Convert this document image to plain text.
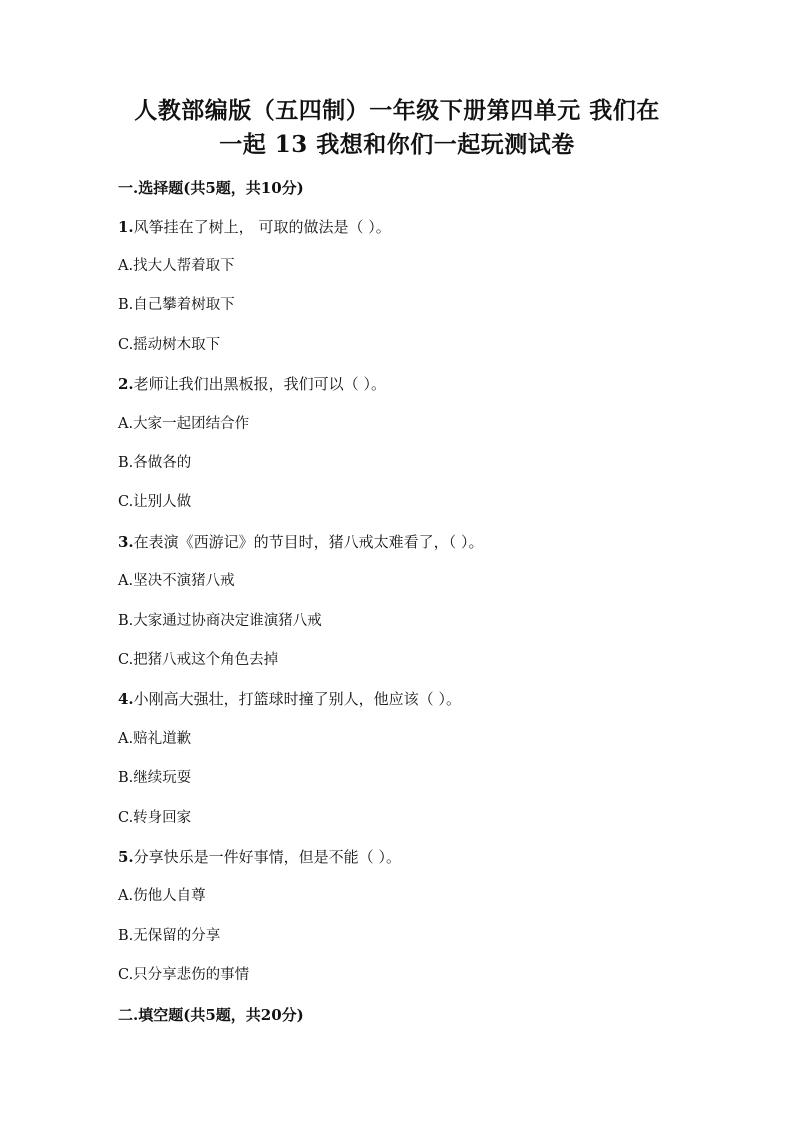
人教部编版（五四制）一年级下册第四单元 我们在
一起 13 我想和你们一起玩测试卷
一.选择题(共5题，共10分)
1.风筝挂在了树上， 可取的做法是（ ）。
A.找大人帮着取下
B.自己攀着树取下
C.摇动树木取下
2.老师让我们出黑板报，我们可以（ ）。
A.大家一起团结合作
B.各做各的
C.让别人做
3.在表演《西游记》的节目时，猪八戒太难看了，（ ）。
A.坚决不演猪八戒
B.大家通过协商决定谁演猪八戒
C.把猪八戒这个角色去掉
4.小刚高大强壮，打篮球时撞了别人，他应该（ ）。
A.赔礼道歉
B.继续玩耍
C.转身回家
5.分享快乐是一件好事情，但是不能（ ）。
A.伤他人自尊
B.无保留的分享
C.只分享悲伤的事情
二.填空题(共5题，共20分)
